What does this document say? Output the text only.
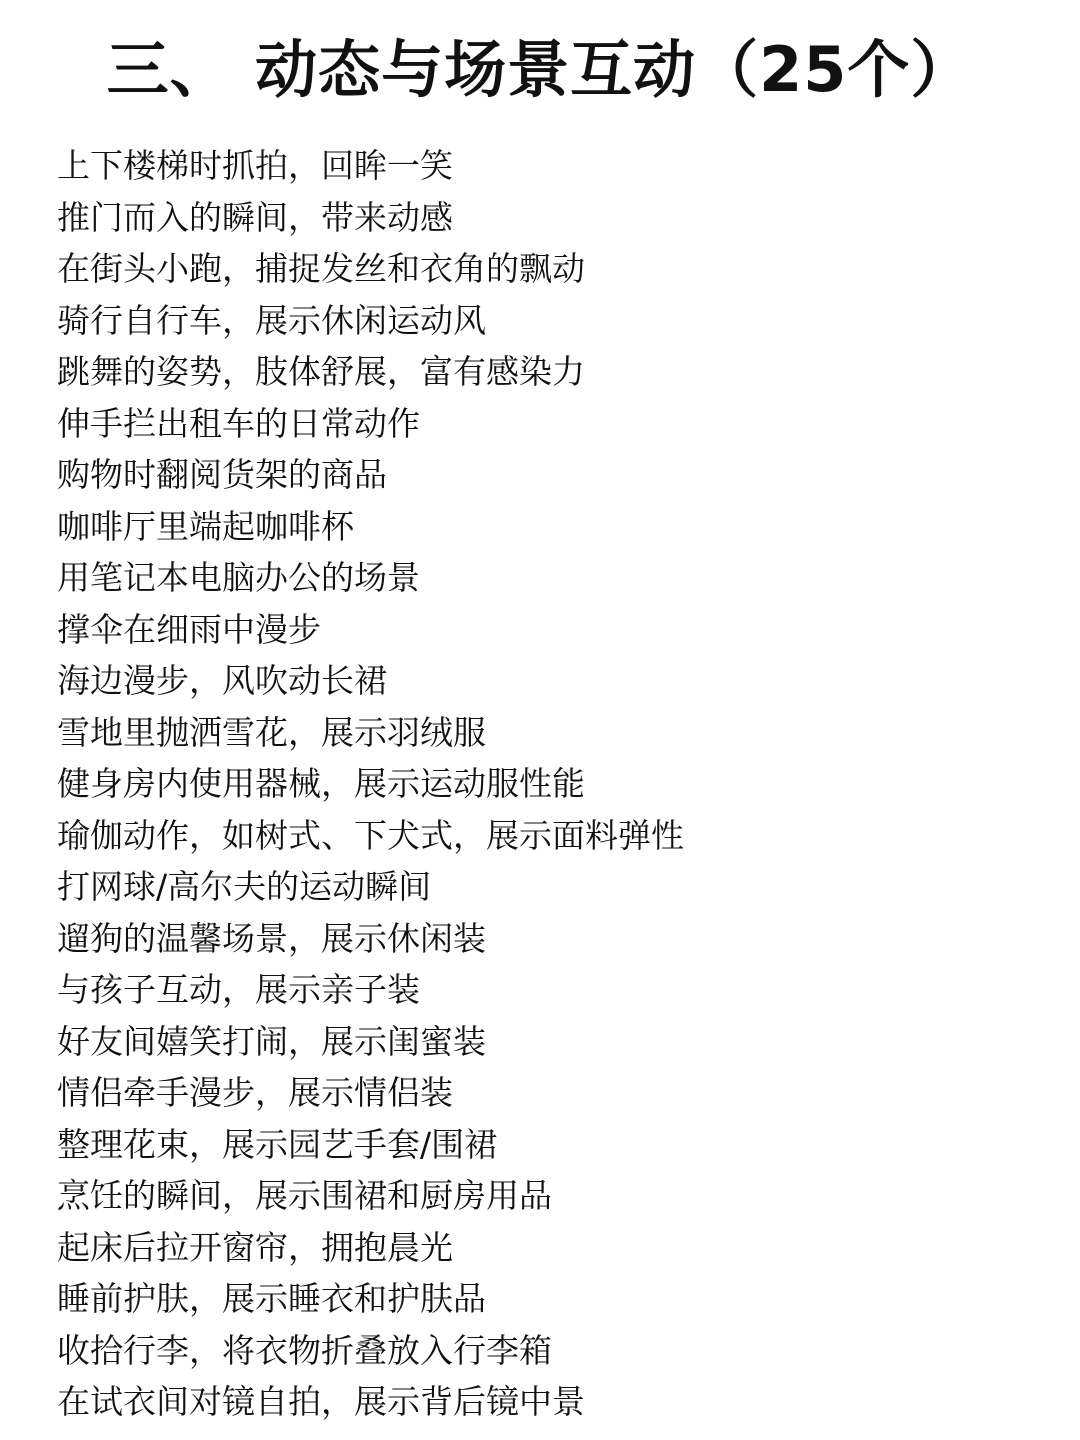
三、 动态与场景互动（25个）
上下楼梯时抓拍，回眸一笑
推门而入的瞬间，带来动感
在街头小跑，捕捉发丝和衣角的飘动
骑行自行车，展示休闲运动风
跳舞的姿势，肢体舒展，富有感染力
伸手拦出租车的日常动作
购物时翻阅货架的商品
咖啡厅里端起咖啡杯
用笔记本电脑办公的场景
撑伞在细雨中漫步
海边漫步，风吹动长裙
雪地里抛洒雪花，展示羽绒服
健身房内使用器械，展示运动服性能
瑜伽动作，如树式、下犬式，展示面料弹性
打网球/高尔夫的运动瞬间
遛狗的温馨场景，展示休闲装
与孩子互动，展示亲子装
好友间嬉笑打闹，展示闺蜜装
情侣牵手漫步，展示情侣装
整理花束，展示园艺手套/围裙
烹饪的瞬间，展示围裙和厨房用品
起床后拉开窗帘，拥抱晨光
睡前护肤，展示睡衣和护肤品
收拾行李，将衣物折叠放入行李箱
在试衣间对镜自拍，展示背后镜中景
